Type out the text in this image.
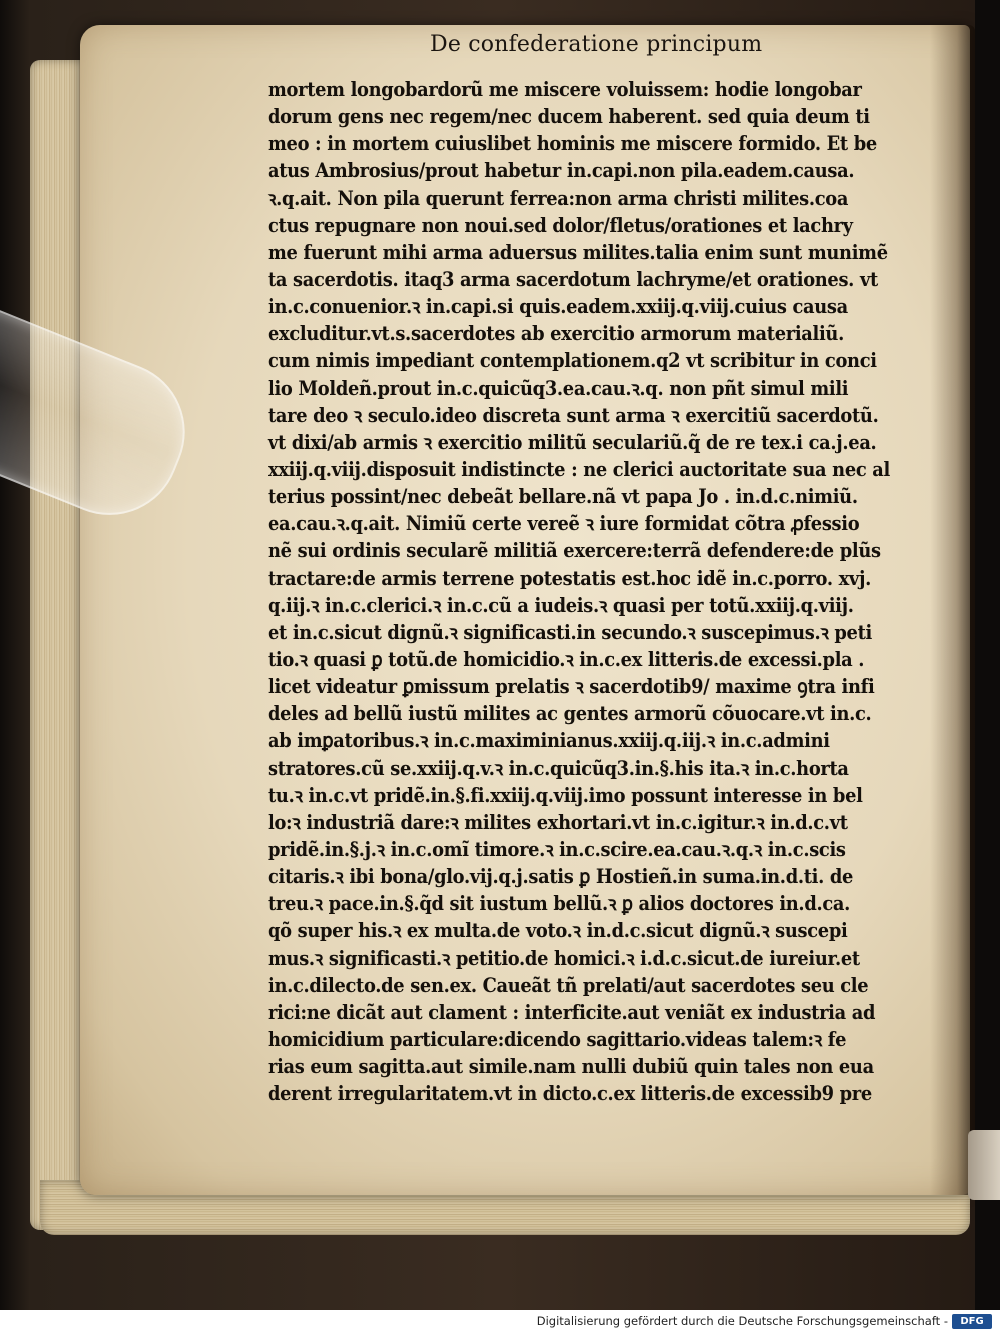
De confederatione principum

mortem longobardorũ me miscere voluissem: hodie longobar

dorum gens nec regem/nec ducem haberent. sed quia deum ti

meo : in mortem cuiuslibet hominis me miscere formido. Et be

atus Ambrosius/prout habetur in.capi.non pila.eadem.causa.

ꝛ.q.ait. Non pila querunt ferrea:non arma christi milites.coa

ctus repugnare non noui.sed dolor/fletus/orationes et lachry

me fuerunt mihi arma aduersus milites.talia enim sunt munimẽ

ta sacerdotis. itaq3 arma sacerdotum lachryme/et orationes. vt

in.c.conuenior.ꝛ in.capi.si quis.eadem.xxiij.q.viij.cuius causa

excluditur.vt.s.sacerdotes ab exercitio armorum materialiũ.

cum nimis impediant contemplationem.q2 vt scribitur in conci

lio Moldeñ.prout in.c.quicũq3.ea.cau.ꝛ.q. non pñt simul mili

tare deo ꝛ seculo.ideo discreta sunt arma ꝛ exercitiũ sacerdotũ.

vt dixi/ab armis ꝛ exercitio militũ seculariũ.q̃ de re tex.i ca.j.ea.

xxiij.q.viij.disposuit indistincte : ne clerici auctoritate sua nec al

terius possint/nec debeãt bellare.nã vt papa Jo . in.d.c.nimiũ.

ea.cau.ꝛ.q.ait. Nimiũ certe vereẽ ꝛ iure formidat cõtra ꝓfessio

nẽ sui ordinis secularẽ militiã exercere:terrã defendere:de plũs

tractare:de armis terrene potestatis est.hoc idẽ in.c.porro. xvj.

q.iij.ꝛ in.c.clerici.ꝛ in.c.cũ a iudeis.ꝛ quasi per totũ.xxiij.q.viij.

et in.c.sicut dignũ.ꝛ significasti.in secundo.ꝛ suscepimus.ꝛ peti

tio.ꝛ quasi ꝑ totũ.de homicidio.ꝛ in.c.ex litteris.de excessi.pla .

licet videatur ꝑmissum prelatis ꝛ sacerdotib9/ maxime ꝯtra infi

deles ad bellũ iustũ milites ac gentes armorũ cõuocare.vt in.c.

ab imꝑatoribus.ꝛ in.c.maximinianus.xxiij.q.iij.ꝛ in.c.admini

stratores.cũ se.xxiij.q.v.ꝛ in.c.quicũq3.in.§.his ita.ꝛ in.c.horta

tu.ꝛ in.c.vt pridẽ.in.§.fi.xxiij.q.viij.imo possunt interesse in bel

lo:ꝛ industriã dare:ꝛ milites exhortari.vt in.c.igitur.ꝛ in.d.c.vt

pridẽ.in.§.j.ꝛ in.c.omĩ timore.ꝛ in.c.scire.ea.cau.ꝛ.q.ꝛ in.c.scis

citaris.ꝛ ibi bona/glo.vij.q.j.satis ꝑ Hostieñ.in suma.in.d.ti. de

treu.ꝛ pace.in.§.q̃d sit iustum bellũ.ꝛ ꝑ alios doctores in.d.ca.

qõ super his.ꝛ ex multa.de voto.ꝛ in.d.c.sicut dignũ.ꝛ suscepi

mus.ꝛ significasti.ꝛ petitio.de homici.ꝛ i.d.c.sicut.de iureiur.et

in.c.dilecto.de sen.ex. Caueãt tñ prelati/aut sacerdotes seu cle

rici:ne dicãt aut clament : interficite.aut veniãt ex industria ad

homicidium particulare:dicendo sagittario.videas talem:ꝛ fe

rias eum sagitta.aut simile.nam nulli dubiũ quin tales non eua

derent irregularitatem.vt in dicto.c.ex litteris.de excessib9 pre

Digitalisierung gefördert durch die Deutsche Forschungsgemeinschaft -	DFG
